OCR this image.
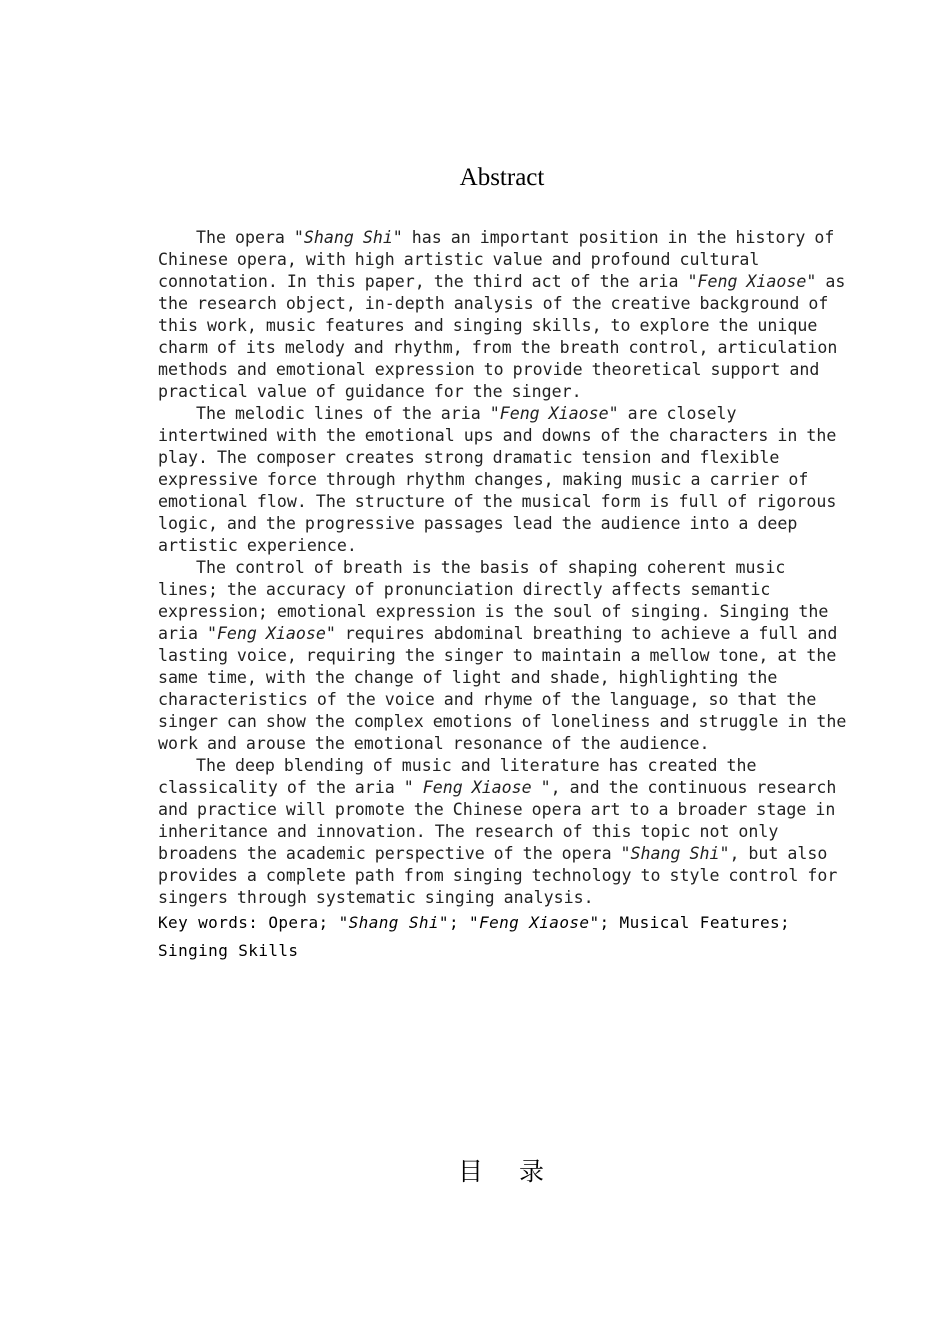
Abstract

The opera "Shang Shi" has an important position in the history of Chinese opera, with high artistic value and profound cultural connotation. In this paper, the third act of the aria "Feng Xiaose" as the research object, in-depth analysis of the creative background of this work, music features and singing skills, to explore the unique charm of its melody and rhythm, from the breath control, articulation methods and emotional expression to provide theoretical support and practical value of guidance for the singer.

The melodic lines of the aria "Feng Xiaose" are closely intertwined with the emotional ups and downs of the characters in the play. The composer creates strong dramatic tension and flexible expressive force through rhythm changes, making music a carrier of emotional flow. The structure of the musical form is full of rigorous logic, and the progressive passages lead the audience into a deep artistic experience.

The control of breath is the basis of shaping coherent music lines; the accuracy of pronunciation directly affects semantic expression; emotional expression is the soul of singing. Singing the aria "Feng Xiaose" requires abdominal breathing to achieve a full and lasting voice, requiring the singer to maintain a mellow tone, at the same time, with the change of light and shade, highlighting the characteristics of the voice and rhyme of the language, so that the singer can show the complex emotions of loneliness and struggle in the work and arouse the emotional resonance of the audience.

The deep blending of music and literature has created the classicality of the aria " Feng Xiaose ", and the continuous research and practice will promote the Chinese opera art to a broader stage in inheritance and innovation. The research of this topic not only broadens the academic perspective of the opera "Shang Shi", but also provides a complete path from singing technology to style control for singers through systematic singing analysis.

Key words: Opera; "Shang Shi"; "Feng Xiaose"; Musical Features; Singing Skills

目录
